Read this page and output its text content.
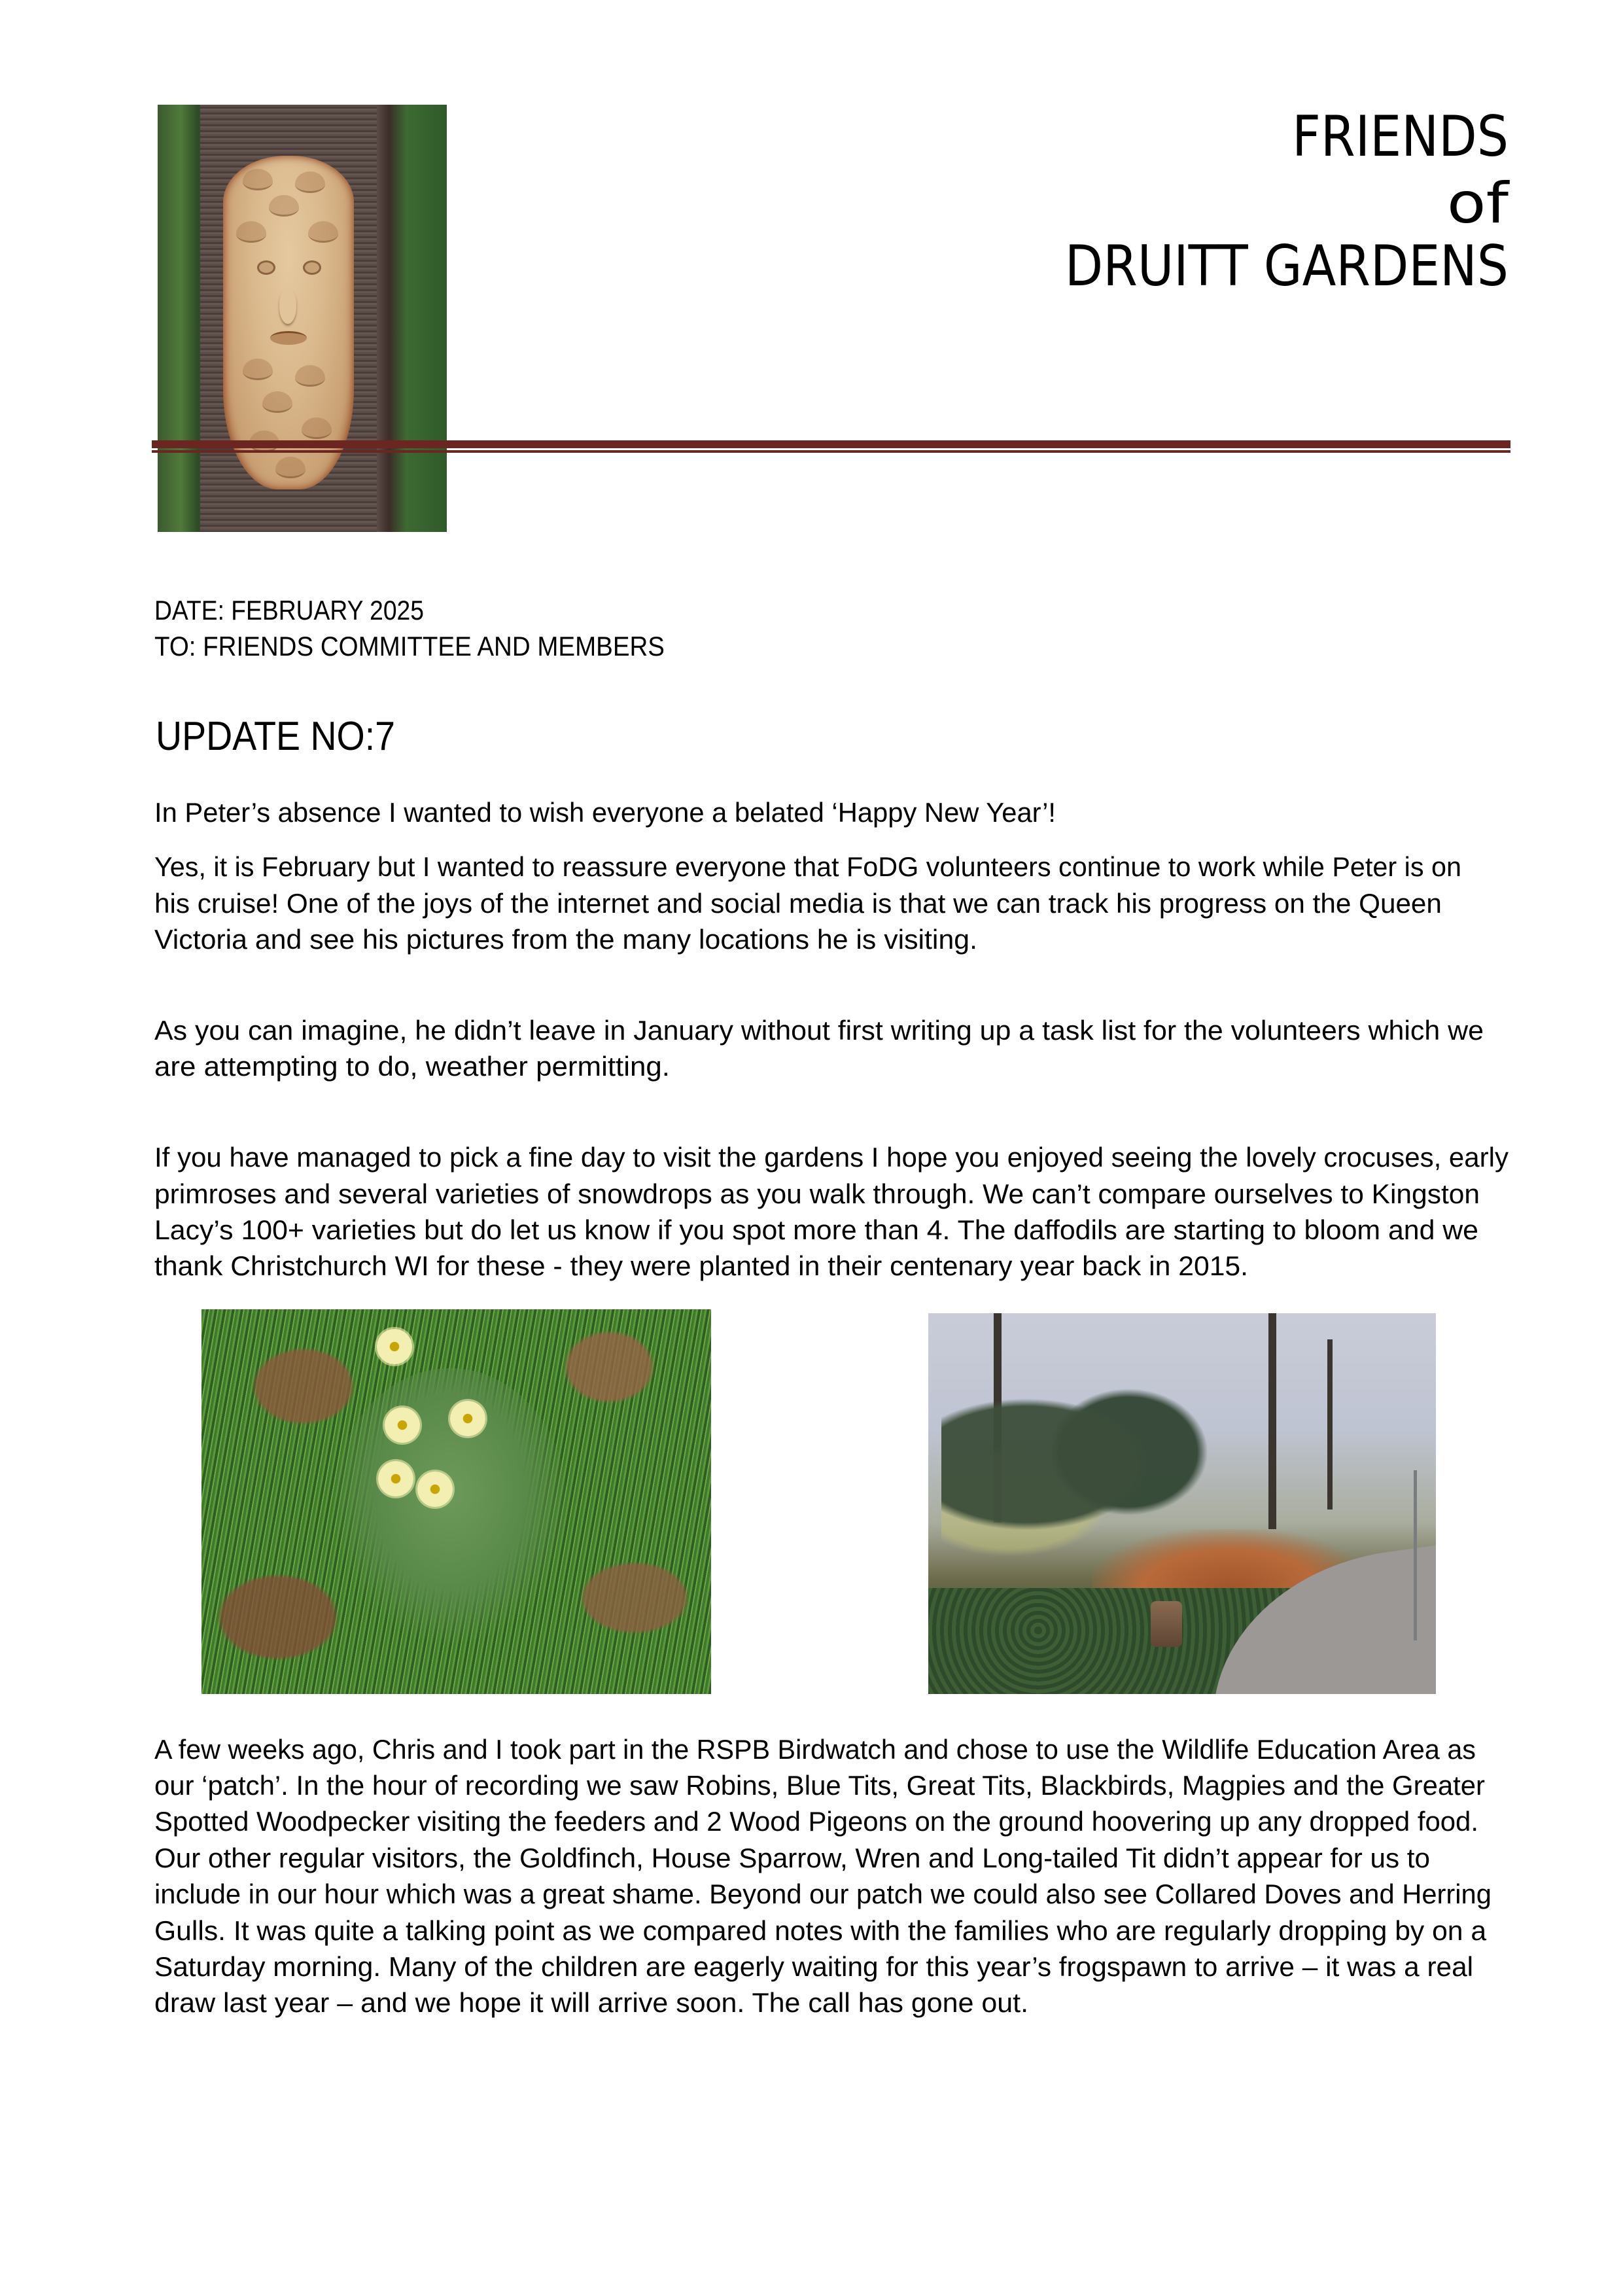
FRIENDS
of
DRUITT GARDENS
DATE: FEBRUARY 2025
TO: FRIENDS COMMITTEE AND MEMBERS
UPDATE NO:7
In Peter’s absence I wanted to wish everyone a belated ‘Happy New Year’!
Yes, it is February but I wanted to reassure everyone that FoDG volunteers continue to work while Peter is on
his cruise! One of the joys of the internet and social media is that we can track his progress on the Queen
Victoria and see his pictures from the many locations he is visiting.
As you can imagine, he didn’t leave in January without first writing up a task list for the volunteers which we
are attempting to do, weather permitting.
If you have managed to pick a fine day to visit the gardens I hope you enjoyed seeing the lovely crocuses, early
primroses and several varieties of snowdrops as you walk through. We can’t compare ourselves to Kingston
Lacy’s 100+ varieties but do let us know if you spot more than 4. The daffodils are starting to bloom and we
thank Christchurch WI for these - they were planted in their centenary year back in 2015.
A few weeks ago, Chris and I took part in the RSPB Birdwatch and chose to use the Wildlife Education Area as
our ‘patch’. In the hour of recording we saw Robins, Blue Tits, Great Tits, Blackbirds, Magpies and the Greater
Spotted Woodpecker visiting the feeders and 2 Wood Pigeons on the ground hoovering up any dropped food.
Our other regular visitors, the Goldfinch, House Sparrow, Wren and Long-tailed Tit didn’t appear for us to
include in our hour which was a great shame. Beyond our patch we could also see Collared Doves and Herring
Gulls. It was quite a talking point as we compared notes with the families who are regularly dropping by on a
Saturday morning. Many of the children are eagerly waiting for this year’s frogspawn to arrive – it was a real
draw last year – and we hope it will arrive soon. The call has gone out.
